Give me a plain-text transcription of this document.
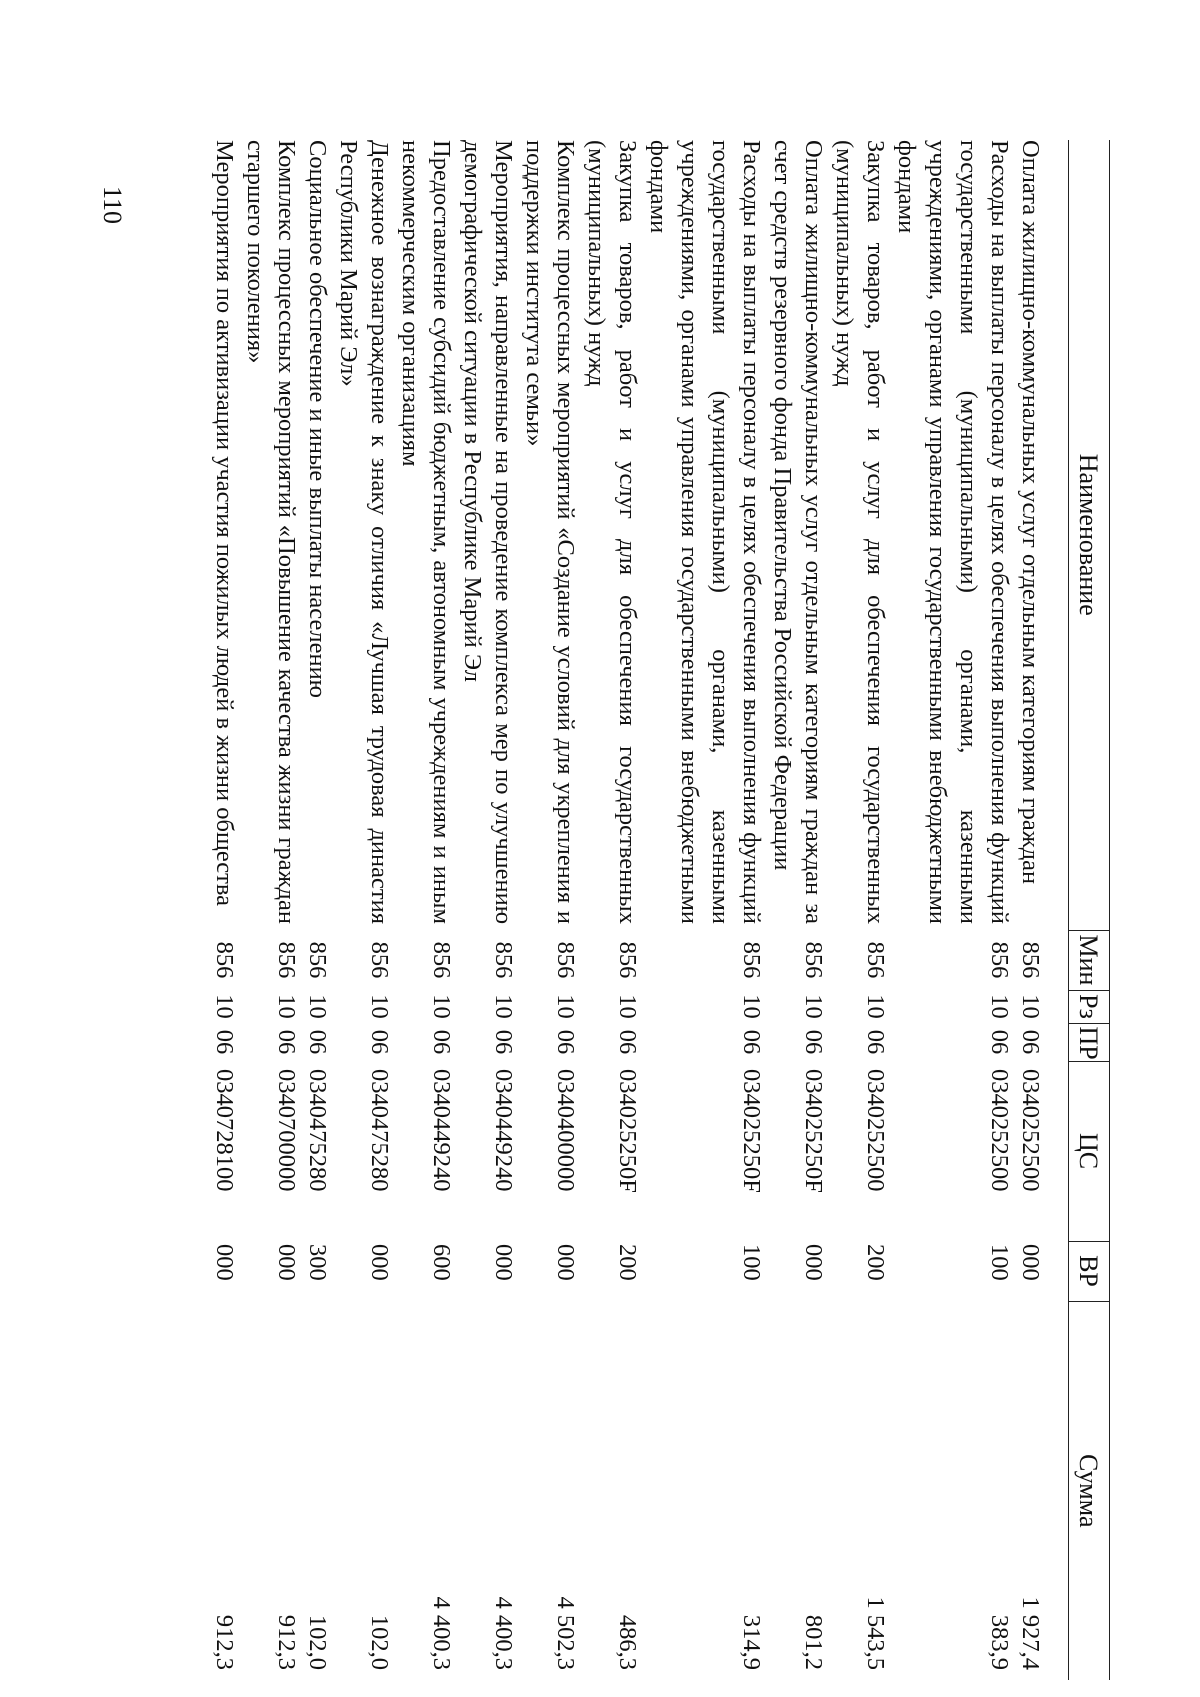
110
Наименование	Мин	Рз	ПР	ЦС	ВР	Сумма
Оплата жилищно-коммунальных услуг отдельным категориям граждан	856	10	06	0340252500	000	1 927,4
Расходы на выплаты персоналу в целях обеспечения выполнения функций государственными (муниципальными) органами, казенными учреждениями, органами управления государственными внебюджетными фондами	856	10	06	0340252500	100	383,9
Закупка товаров, работ и услуг для обеспечения государственных (муниципальных) нужд	856	10	06	0340252500	200	1 543,5
Оплата жилищно-коммунальных услуг отдельным категориям граждан за счет средств резервного фонда Правительства Российской Федерации	856	10	06	034025250F	000	801,2
Расходы на выплаты персоналу в целях обеспечения выполнения функций государственными (муниципальными) органами, казенными учреждениями, органами управления государственными внебюджетными фондами	856	10	06	034025250F	100	314,9
Закупка товаров, работ и услуг для обеспечения государственных (муниципальных) нужд	856	10	06	034025250F	200	486,3
Комплекс процессных мероприятий «Создание условий для укрепления и поддержки института семьи»	856	10	06	0340400000	000	4 502,3
Мероприятия, направленные на проведение комплекса мер по улучшению демографической ситуации в Республике Марий Эл	856	10	06	0340449240	000	4 400,3
Предоставление субсидий бюджетным, автономным учреждениям и иным некоммерческим организациям	856	10	06	0340449240	600	4 400,3
Денежное вознаграждение к знаку отличия «Лучшая трудовая династия Республики Марий Эл»	856	10	06	0340475280	000	102,0
Социальное обеспечение и иные выплаты населению	856	10	06	0340475280	300	102,0
Комплекс процессных мероприятий «Повышение качества жизни граждан старшего поколения»	856	10	06	0340700000	000	912,3
Мероприятия по активизации участия пожилых людей в жизни общества	856	10	06	0340728100	000	912,3
